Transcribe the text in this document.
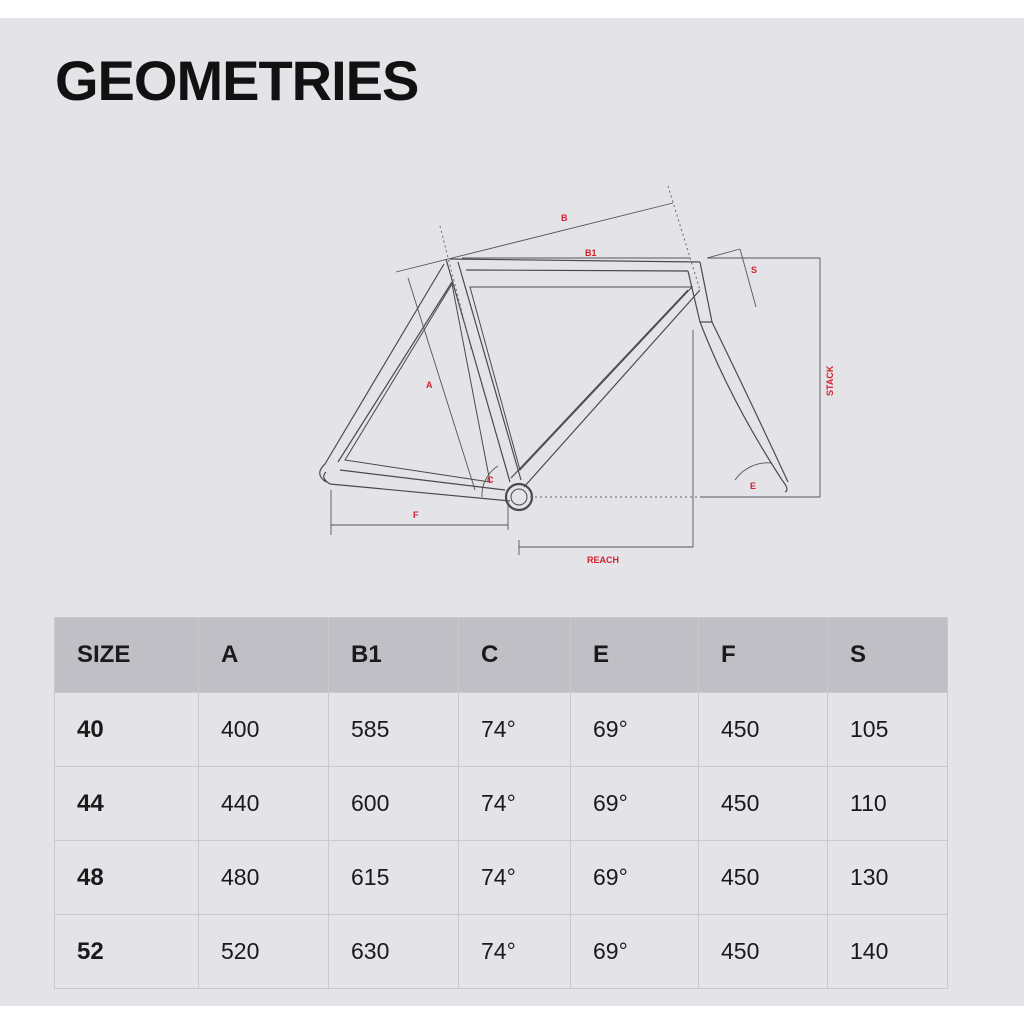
GEOMETRIES
B
B1
S
STACK
A
C
E
F
REACH
SIZE	A	B1	C	E	F	S
40	400	585	74°	69°	450	105
44	440	600	74°	69°	450	110
48	480	615	74°	69°	450	130
52	520	630	74°	69°	450	140
